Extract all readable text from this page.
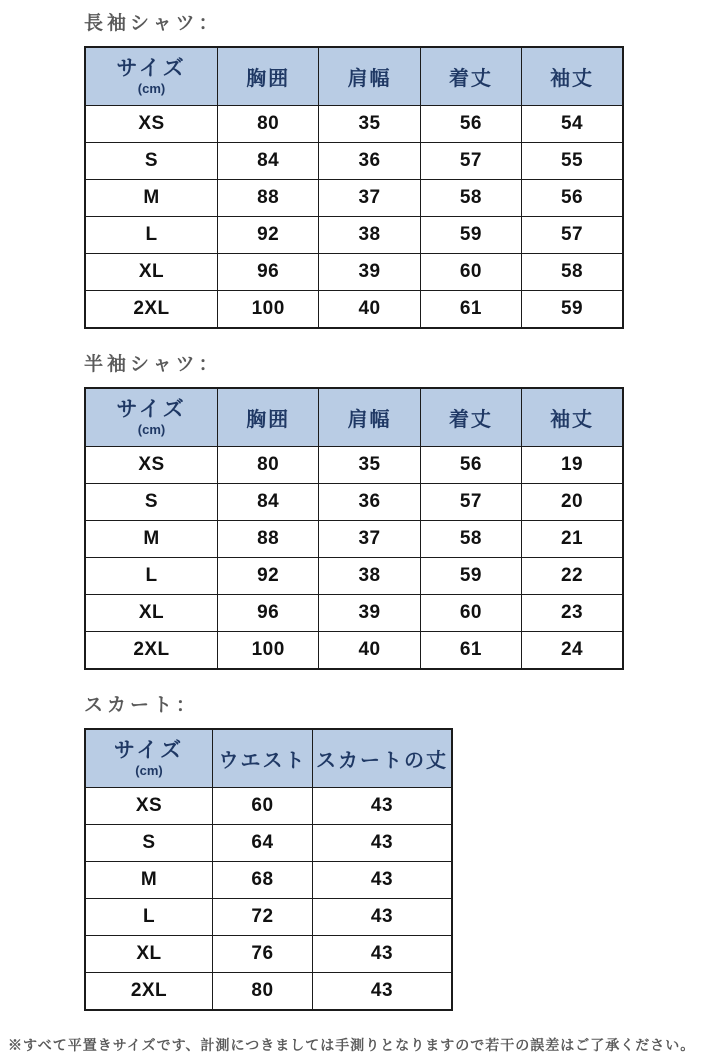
長袖シャツ：
サイズ
(cm)	胸囲	肩幅	着丈	袖丈
XS	80	35	56	54
S	84	36	57	55
M	88	37	58	56
L	92	38	59	57
XL	96	39	60	58
2XL	100	40	61	59
半袖シャツ：
サイズ
(cm)	胸囲	肩幅	着丈	袖丈
XS	80	35	56	19
S	84	36	57	20
M	88	37	58	21
L	92	38	59	22
XL	96	39	60	23
2XL	100	40	61	24
スカート：
サイズ
(cm)	ウエスト	スカートの丈
XS	60	43
S	64	43
M	68	43
L	72	43
XL	76	43
2XL	80	43

※すべて平置きサイズです、計測につきましては手測りとなりますので若干の誤差はご了承ください。
